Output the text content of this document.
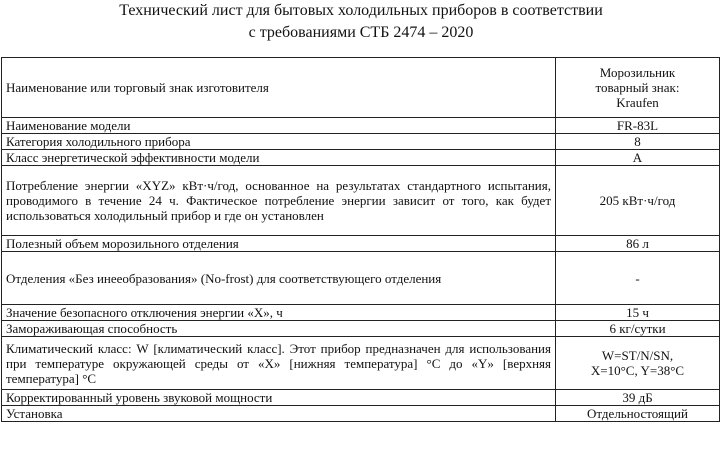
Технический лист для бытовых холодильных приборов в соответствии
с требованиями СТБ 2474 – 2020
Наименование или торговый знак изготовителя	Морозильник
товарный знак:
Kraufen

Наименование модели	FR-83L
Категория холодильного прибора	8
Класс энергетической эффективности модели	A
Потребление энергии «XYZ» кВт·ч/год, основанное на результатах стандартного испытания, проводимого в течение 24 ч. Фактическое потребление энергии зависит от того, как будет использоваться холодильный прибор и где он установлен	205 кВт·ч/год
Полезный объем морозильного отделения	86 л
Отделения «Без инееобразования» (No-frost) для соответствующего отделения	-
Значение безопасного отключения энергии «X», ч	15 ч
Замораживающая способность	6 кг/сутки
Климатический класс: W [климатический класс]. Этот прибор предназначен для использования при температуре окружающей среды от «X» [нижняя температура] °C до «Y» [верхняя температура] °C	W=ST/N/SN,
X=10°C, Y=38°C

Корректированный уровень звуковой мощности	39 дБ
Установка	Отдельностоящий
